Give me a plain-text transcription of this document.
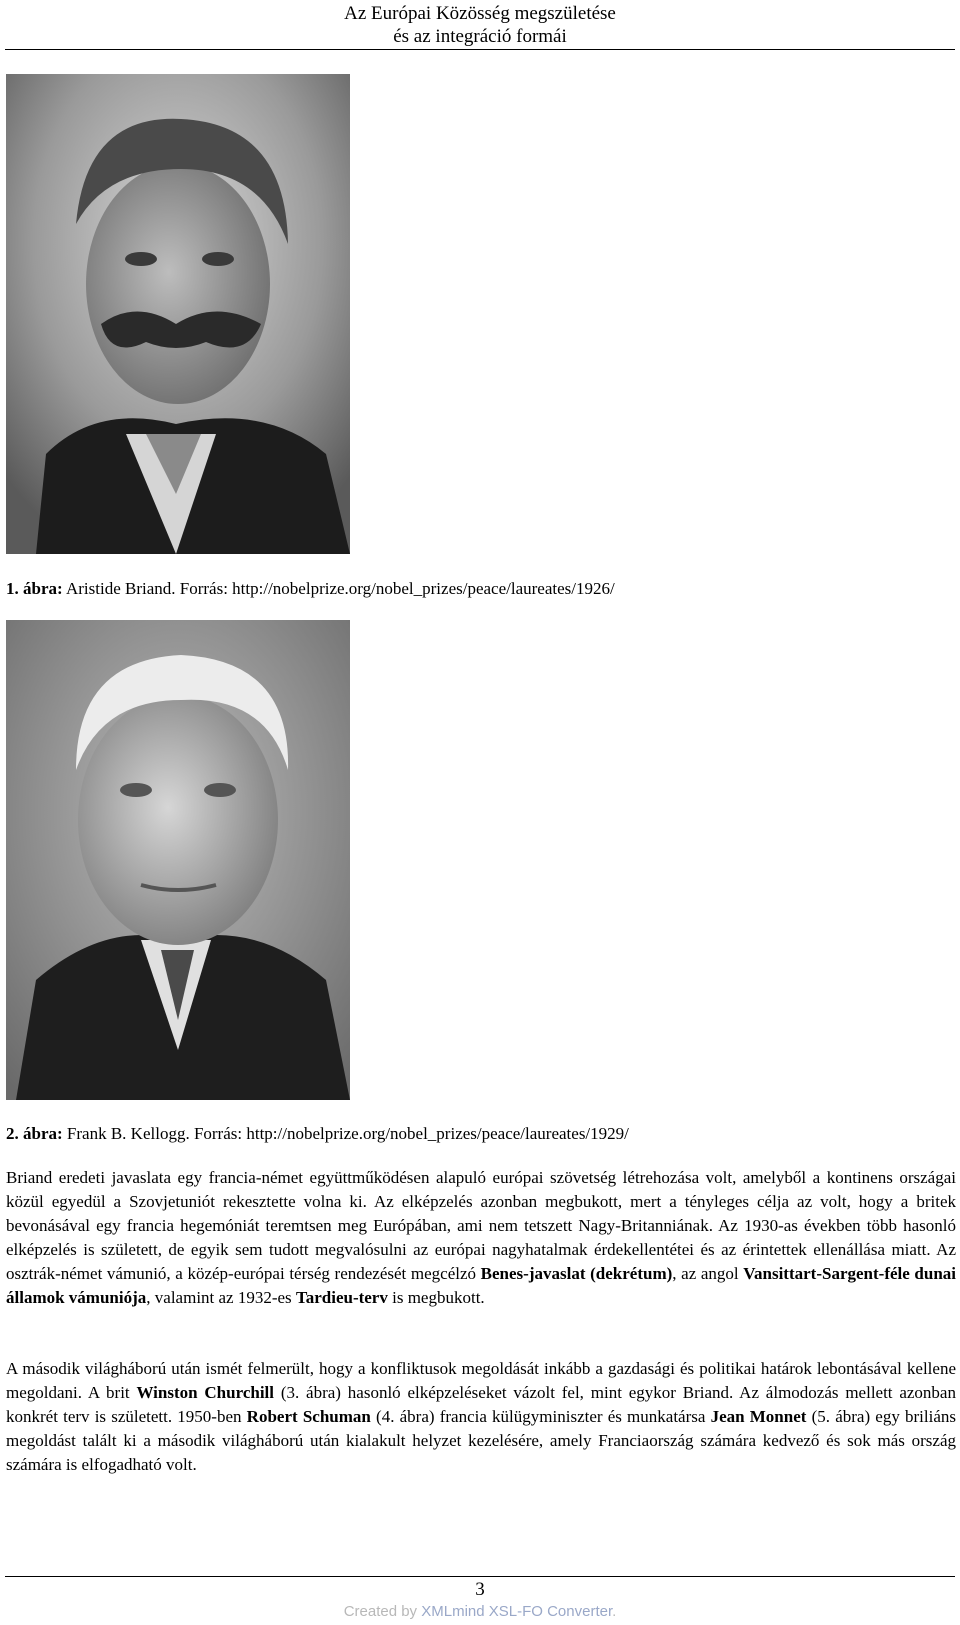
Az Európai Közösség megszületése
és az integráció formái
1. ábra: Aristide Briand. Forrás: http://nobelprize.org/nobel_prizes/peace/laureates/1926/
2. ábra: Frank B. Kellogg. Forrás: http://nobelprize.org/nobel_prizes/peace/laureates/1929/
Briand eredeti javaslata egy francia-német együttműködésen alapuló európai szövetség létrehozása volt, amelyből a kontinens országai közül egyedül a Szovjetuniót rekesztette volna ki. Az elképzelés azonban megbukott, mert a tényleges célja az volt, hogy a britek bevonásával egy francia hegemóniát teremtsen meg Európában, ami nem tetszett Nagy-Britanniának. Az 1930-as években több hasonló elképzelés is született, de egyik sem tudott megvalósulni az európai nagyhatalmak érdekellentétei és az érintettek ellenállása miatt. Az osztrák-német vámunió, a közép-európai térség rendezését megcélzó Benes-javaslat (dekrétum), az angol Vansittart-Sargent-féle dunai államok vámuniója, valamint az 1932-es Tardieu-terv is megbukott.
A második világháború után ismét felmerült, hogy a konfliktusok megoldását inkább a gazdasági és politikai határok lebontásával kellene megoldani. A brit Winston Churchill (3. ábra) hasonló elképzeléseket vázolt fel, mint egykor Briand. Az álmodozás mellett azonban konkrét terv is született. 1950-ben Robert Schuman (4. ábra) francia külügyminiszter és munkatársa Jean Monnet (5. ábra) egy briliáns megoldást talált ki a második világháború után kialakult helyzet kezelésére, amely Franciaország számára kedvező és sok más ország számára is elfogadható volt.
3
Created by XMLmind XSL-FO Converter.
